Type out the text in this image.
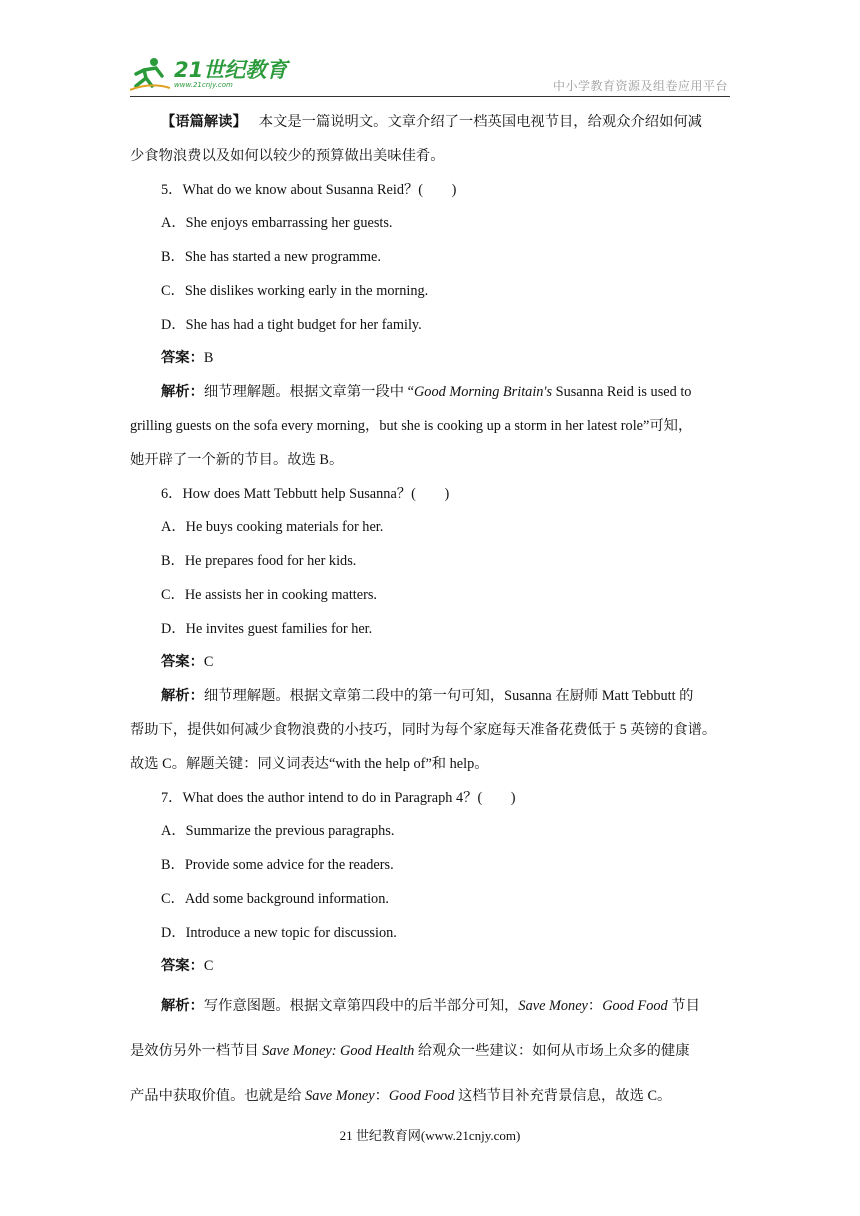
21世纪教育
www.21cnjy.com	中小学教育资源及组卷应用平台
【语篇解读】 本文是一篇说明文。文章介绍了一档英国电视节目，给观众介绍如何减
少食物浪费以及如何以较少的预算做出美味佳肴。
5．What do we know about Susanna Reid？(　　)
A．She enjoys embarrassing her guests.
B．She has started a new programme.
C．She dislikes working early in the morning.
D．She has had a tight budget for her family.
答案：B
解析：细节理解题。根据文章第一段中 “Good Morning Britain's Susanna Reid is used to
grilling guests on the sofa every morning，but she is cooking up a storm in her latest role”可知，
她开辟了一个新的节目。故选 B。
6．How does Matt Tebbutt help Susanna？(　　)
A．He buys cooking materials for her.
B．He prepares food for her kids.
C．He assists her in cooking matters.
D．He invites guest families for her.
答案：C
解析：细节理解题。根据文章第二段中的第一句可知，Susanna 在厨师 Matt Tebbutt 的
帮助下，提供如何减少食物浪费的小技巧，同时为每个家庭每天准备花费低于 5 英镑的食谱。
故选 C。解题关键：同义词表达“with the help of”和 help。
7．What does the author intend to do in Paragraph 4？(　　)
A．Summarize the previous paragraphs.
B．Provide some advice for the readers.
C．Add some background information.
D．Introduce a new topic for discussion.
答案：C
解析：写作意图题。根据文章第四段中的后半部分可知，Save Money：Good Food 节目
是效仿另外一档节目 Save Money: Good Health 给观众一些建议：如何从市场上众多的健康
产品中获取价值。也就是给 Save Money：Good Food 这档节目补充背景信息，故选 C。
21 世纪教育网(www.21cnjy.com)
